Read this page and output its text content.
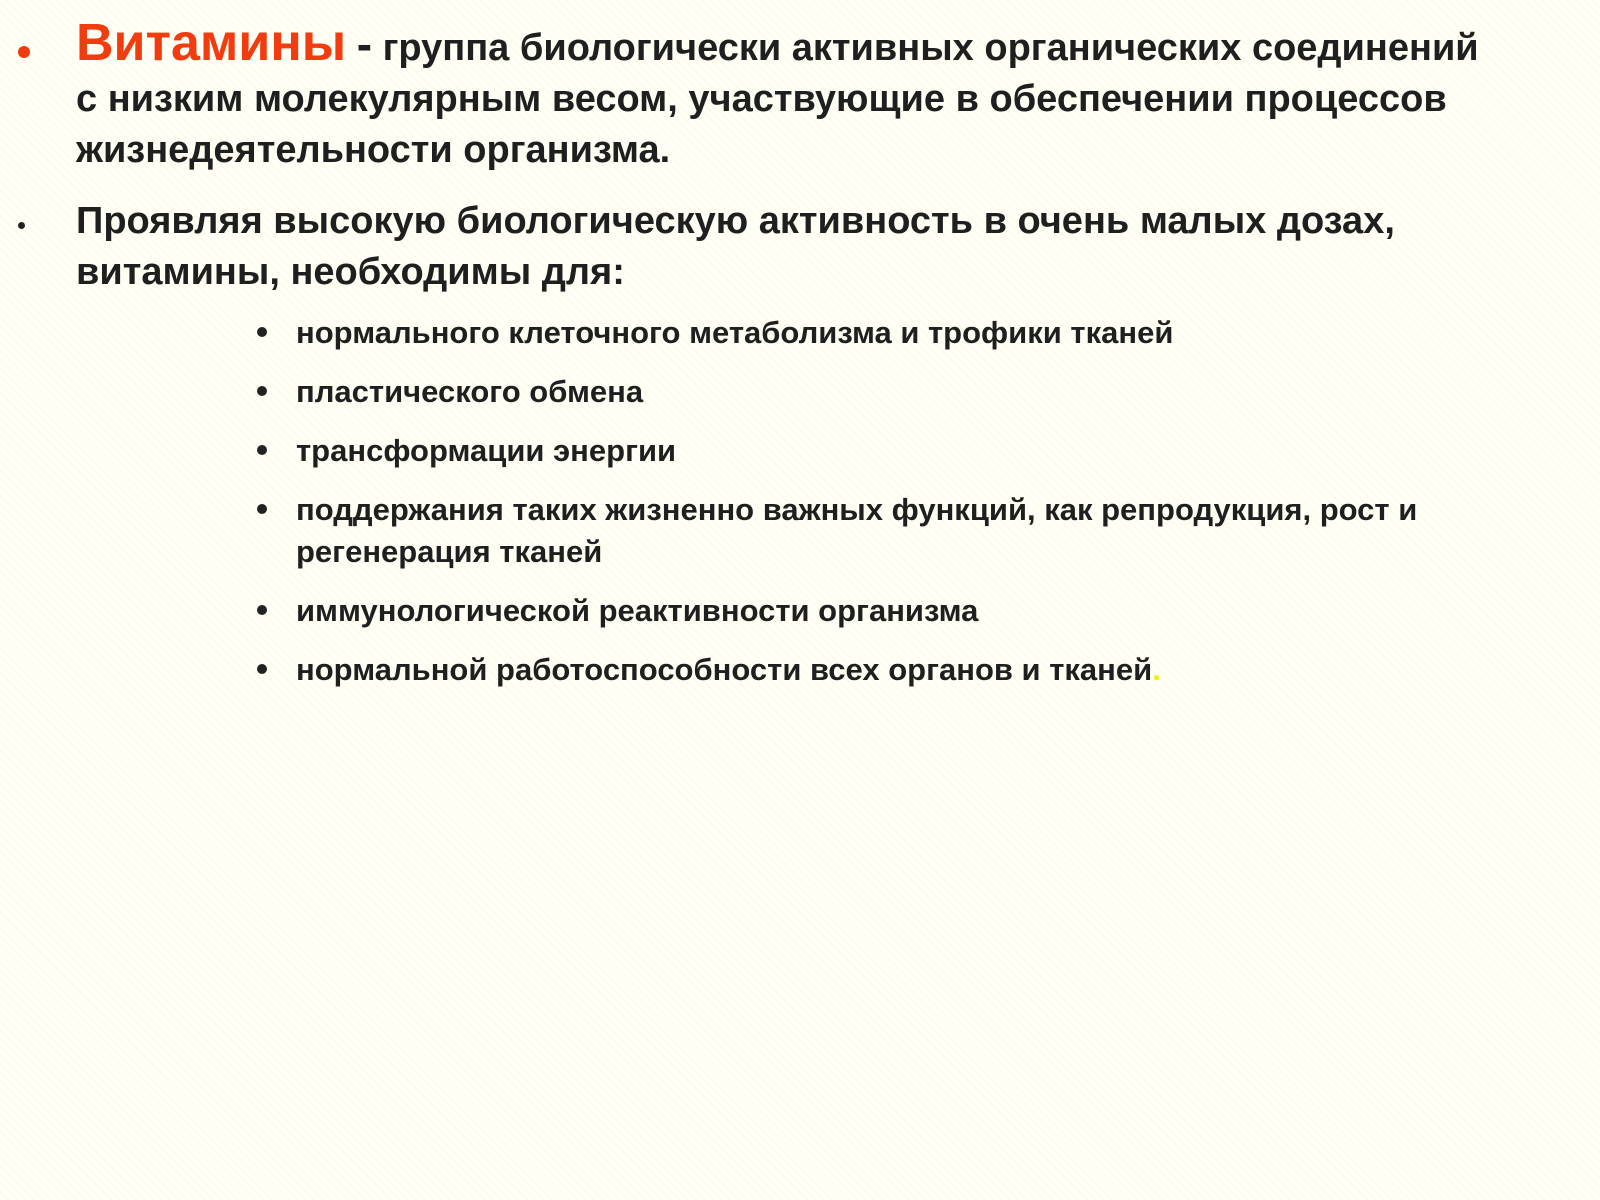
Витамины - группа биологически активных органических соединений с низким молекулярным весом, участвующие в обеспечении процессов жизнедеятельности организма.
Проявляя высокую биологическую активность в очень малых дозах, витамины, необходимы для:
нормального клеточного метаболизма и трофики тканей
пластического обмена
трансформации энергии
поддержания таких жизненно важных функций, как репродукция, рост и регенерация тканей
иммунологической реактивности организма
нормальной работоспособности всех органов и тканей.
